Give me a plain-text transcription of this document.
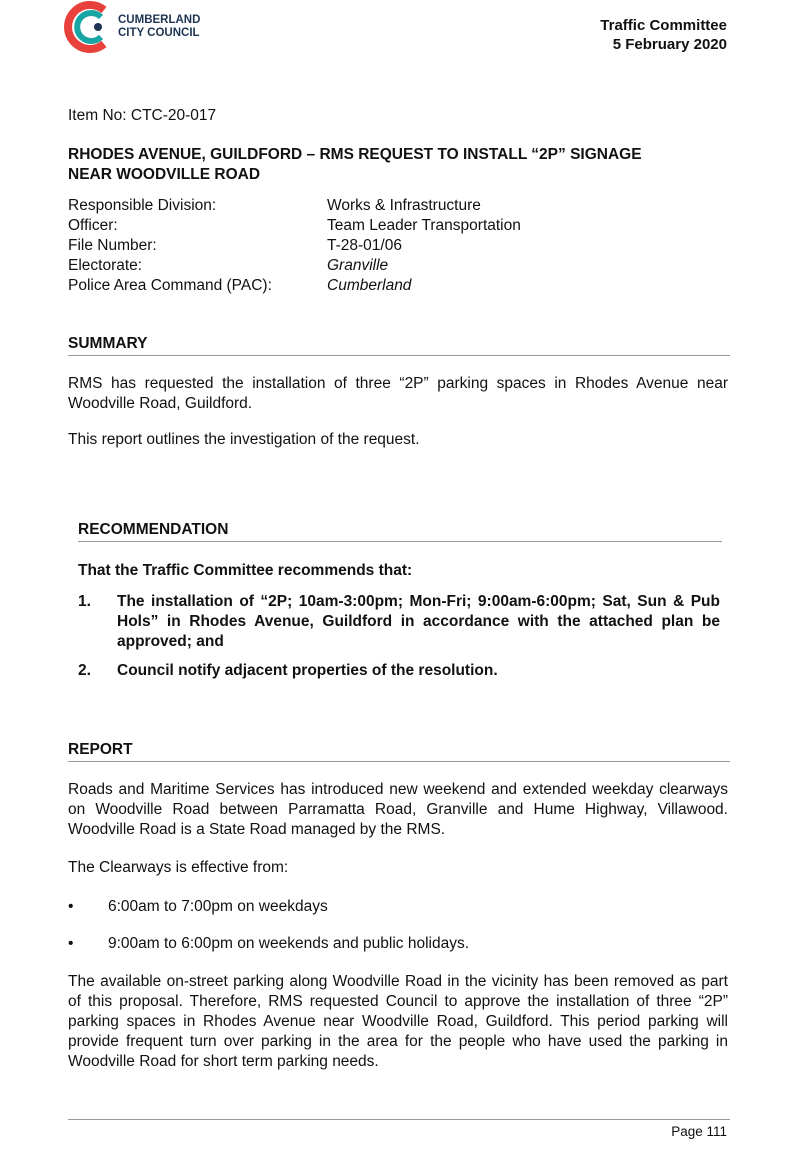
CUMBERLAND
CITY COUNCIL	Traffic Committee
5 February 2020
Item No: CTC-20-017
RHODES AVENUE, GUILDFORD – RMS REQUEST TO INSTALL “2P” SIGNAGE
NEAR WOODVILLE ROAD
Responsible Division:	Works & Infrastructure
Officer:	Team Leader Transportation
File Number:	T-28-01/06
Electorate:	Granville
Police Area Command (PAC):	Cumberland
SUMMARY
RMS has requested the installation of three “2P” parking spaces in Rhodes Avenue near Woodville Road, Guildford.
This report outlines the investigation of the request.
RECOMMENDATION
That the Traffic Committee recommends that:
1. The installation of “2P; 10am-3:00pm; Mon-Fri; 9:00am-6:00pm; Sat, Sun & Pub Hols” in Rhodes Avenue, Guildford in accordance with the attached plan be approved; and
2. Council notify adjacent properties of the resolution.
REPORT
Roads and Maritime Services has introduced new weekend and extended weekday clearways on Woodville Road between Parramatta Road, Granville and Hume Highway, Villawood. Woodville Road is a State Road managed by the RMS.
The Clearways is effective from:
• 6:00am to 7:00pm on weekdays
• 9:00am to 6:00pm on weekends and public holidays.
The available on-street parking along Woodville Road in the vicinity has been removed as part of this proposal. Therefore, RMS requested Council to approve the installation of three “2P” parking spaces in Rhodes Avenue near Woodville Road, Guildford. This period parking will provide frequent turn over parking in the area for the people who have used the parking in Woodville Road for short term parking needs.
Page 111
